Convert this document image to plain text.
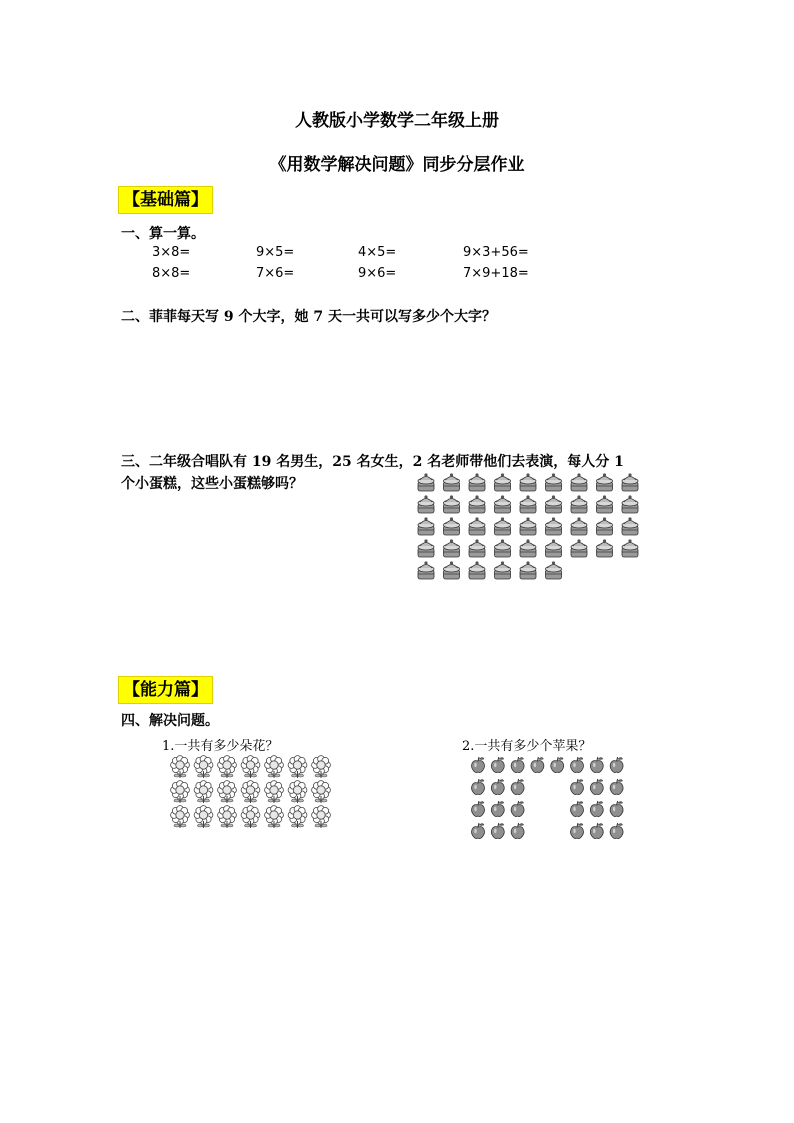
人教版小学数学二年级上册
《用数学解决问题》同步分层作业
【基础篇】
一、算一算。
3×8=	9×5=	4×5=	9×3+56=
8×8=	7×6=	9×6=	7×9+18=
二、菲菲每天写 9 个大字，她 7 天一共可以写多少个大字？
三、二年级合唱队有 19 名男生，25 名女生，2 名老师带他们去表演，每人分 1
个小蛋糕，这些小蛋糕够吗？
【能力篇】
四、解决问题。
1.一共有多少朵花？	2.一共有多少个苹果？
